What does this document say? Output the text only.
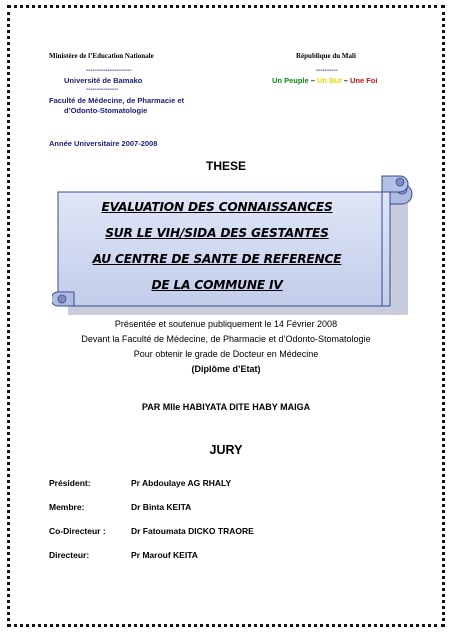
Ministère de l’Education Nationale	République du Mali
---------------------	----------
Université de Bamako	Un Peuple – Un But – Une Foi
---------------
Faculté de Médecine, de Pharmacie et
d’Odonto-Stomatologie
Année Universitaire 2007-2008
THESE
EVALUATION DES CONNAISSANCES
SUR LE VIH/SIDA DES GESTANTES
AU CENTRE DE SANTE DE REFERENCE
DE LA COMMUNE IV
Présentée et soutenue publiquement le 14 Février 2008
Devant la Faculté de Médecine, de Pharmacie et d’Odonto-Stomatologie
Pour obtenir le grade de Docteur en Médecine
(Diplôme d’Etat)
PAR Mlle HABIYATA DITE HABY MAIGA
JURY
Président:	Pr Abdoulaye AG RHALY
Membre:	Dr Binta KEITA
Co-Directeur :	Dr Fatoumata DICKO TRAORE
Directeur:	Pr Marouf KEITA
